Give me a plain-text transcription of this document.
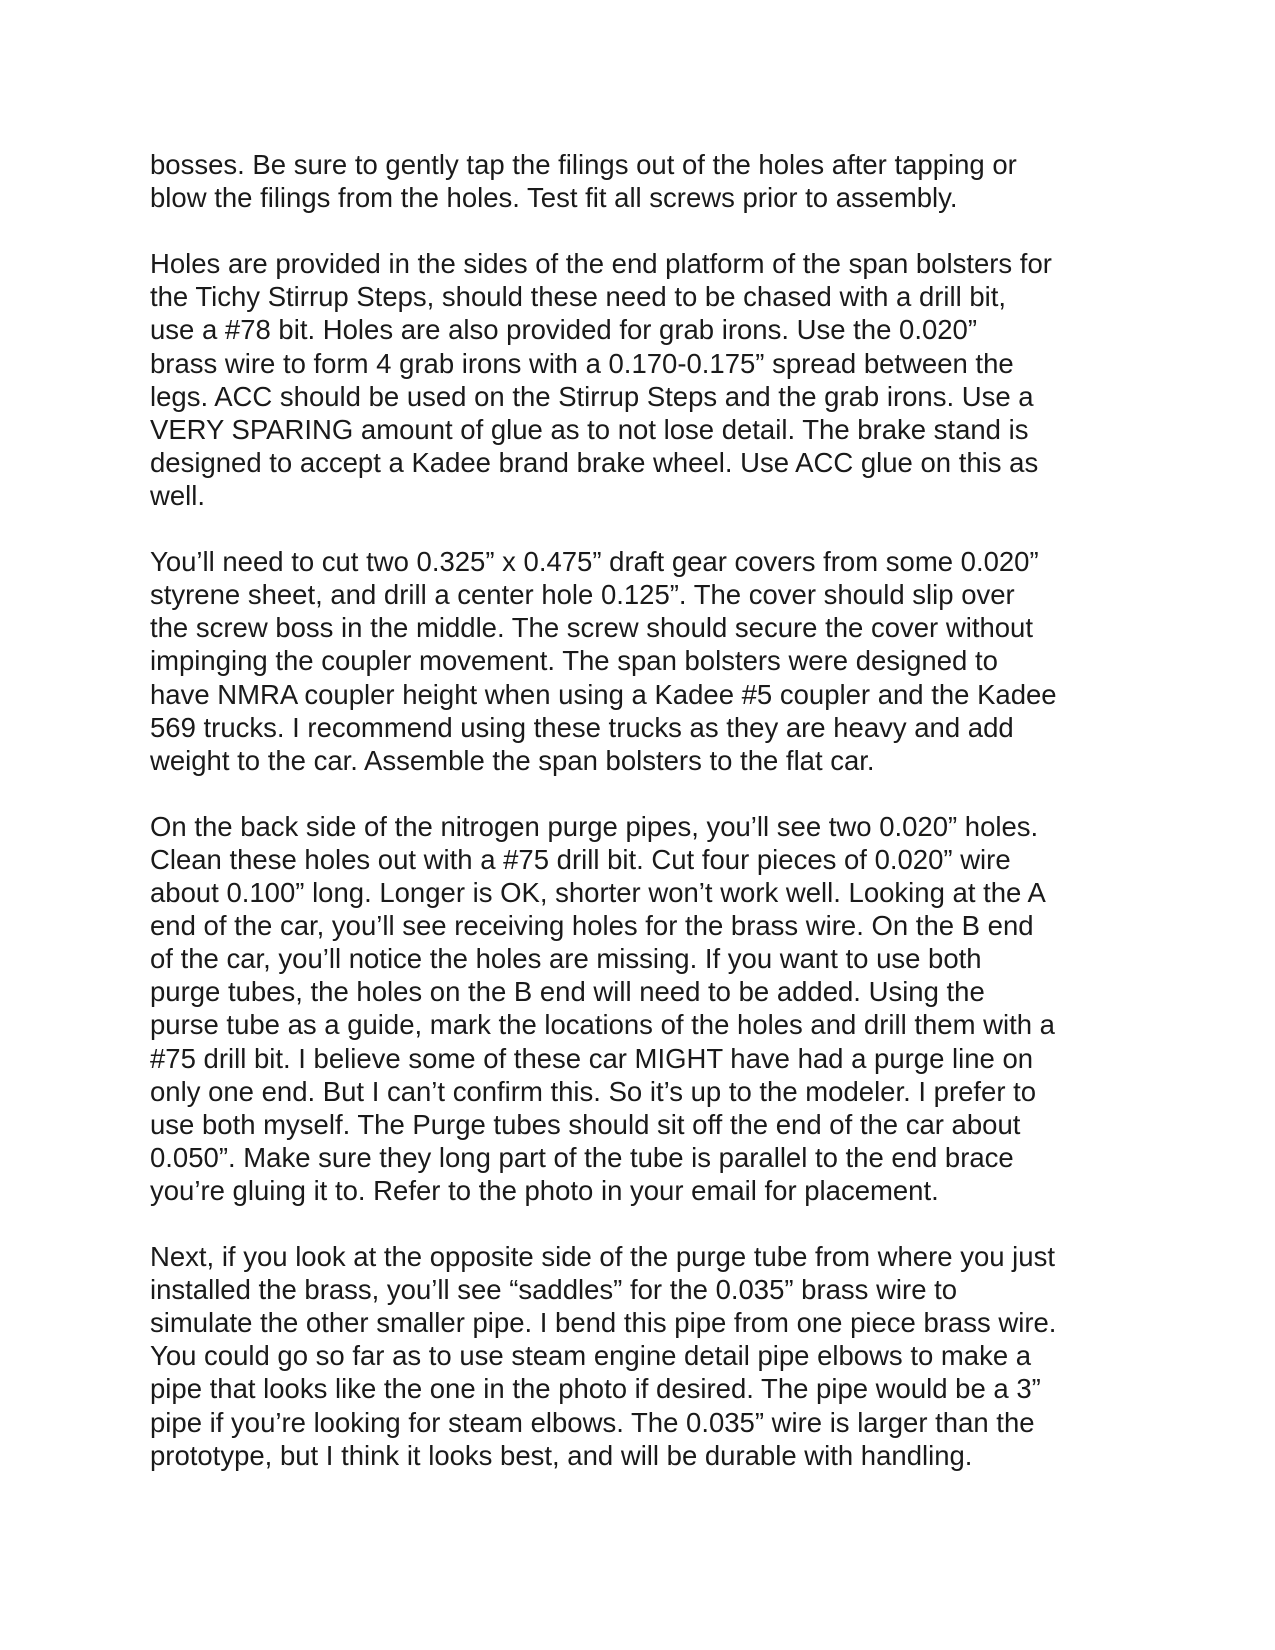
bosses. Be sure to gently tap the filings out of the holes after tapping or
blow the filings from the holes. Test fit all screws prior to assembly.

Holes are provided in the sides of the end platform of the span bolsters for
the Tichy Stirrup Steps, should these need to be chased with a drill bit,
use a #78 bit. Holes are also provided for grab irons. Use the 0.020”
brass wire to form 4 grab irons with a 0.170-0.175” spread between the
legs. ACC should be used on the Stirrup Steps and the grab irons. Use a
VERY SPARING amount of glue as to not lose detail. The brake stand is
designed to accept a Kadee brand brake wheel. Use ACC glue on this as
well.

You’ll need to cut two 0.325” x 0.475” draft gear covers from some 0.020”
styrene sheet, and drill a center hole 0.125”. The cover should slip over
the screw boss in the middle. The screw should secure the cover without
impinging the coupler movement. The span bolsters were designed to
have NMRA coupler height when using a Kadee #5 coupler and the Kadee
569 trucks. I recommend using these trucks as they are heavy and add
weight to the car. Assemble the span bolsters to the flat car.

On the back side of the nitrogen purge pipes, you’ll see two 0.020” holes.
Clean these holes out with a #75 drill bit. Cut four pieces of 0.020” wire
about 0.100” long. Longer is OK, shorter won’t work well. Looking at the A
end of the car, you’ll see receiving holes for the brass wire. On the B end
of the car, you’ll notice the holes are missing. If you want to use both
purge tubes, the holes on the B end will need to be added. Using the
purse tube as a guide, mark the locations of the holes and drill them with a
#75 drill bit. I believe some of these car MIGHT have had a purge line on
only one end. But I can’t confirm this. So it’s up to the modeler. I prefer to
use both myself. The Purge tubes should sit off the end of the car about
0.050”. Make sure they long part of the tube is parallel to the end brace
you’re gluing it to. Refer to the photo in your email for placement.

Next, if you look at the opposite side of the purge tube from where you just
installed the brass, you’ll see “saddles” for the 0.035” brass wire to
simulate the other smaller pipe. I bend this pipe from one piece brass wire.
You could go so far as to use steam engine detail pipe elbows to make a
pipe that looks like the one in the photo if desired. The pipe would be a 3”
pipe if you’re looking for steam elbows. The 0.035” wire is larger than the
prototype, but I think it looks best, and will be durable with handling.
